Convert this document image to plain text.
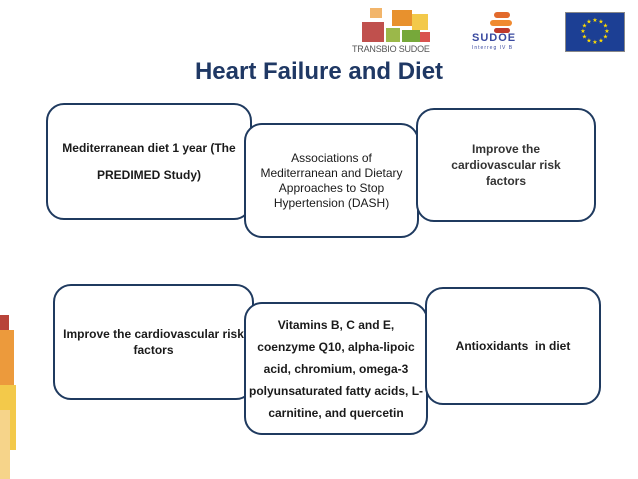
TRANSBIO SUDOE
SUDOE
Interreg IV B
★ ★
★
★
★
★
★
★
★
★
★
★
Heart Failure and Diet
Mediterranean diet 1 year (The PREDIMED Study)
Associations of Mediterranean and Dietary Approaches to Stop Hypertension (DASH)
Improve the cardiovascular risk factors
Improve the cardiovascular risk factors
Vitamins B, C and E, coenzyme Q10, alpha-lipoic acid, chromium, omega-3 polyunsaturated fatty acids, L-carnitine, and quercetin
Antioxidants  in diet
